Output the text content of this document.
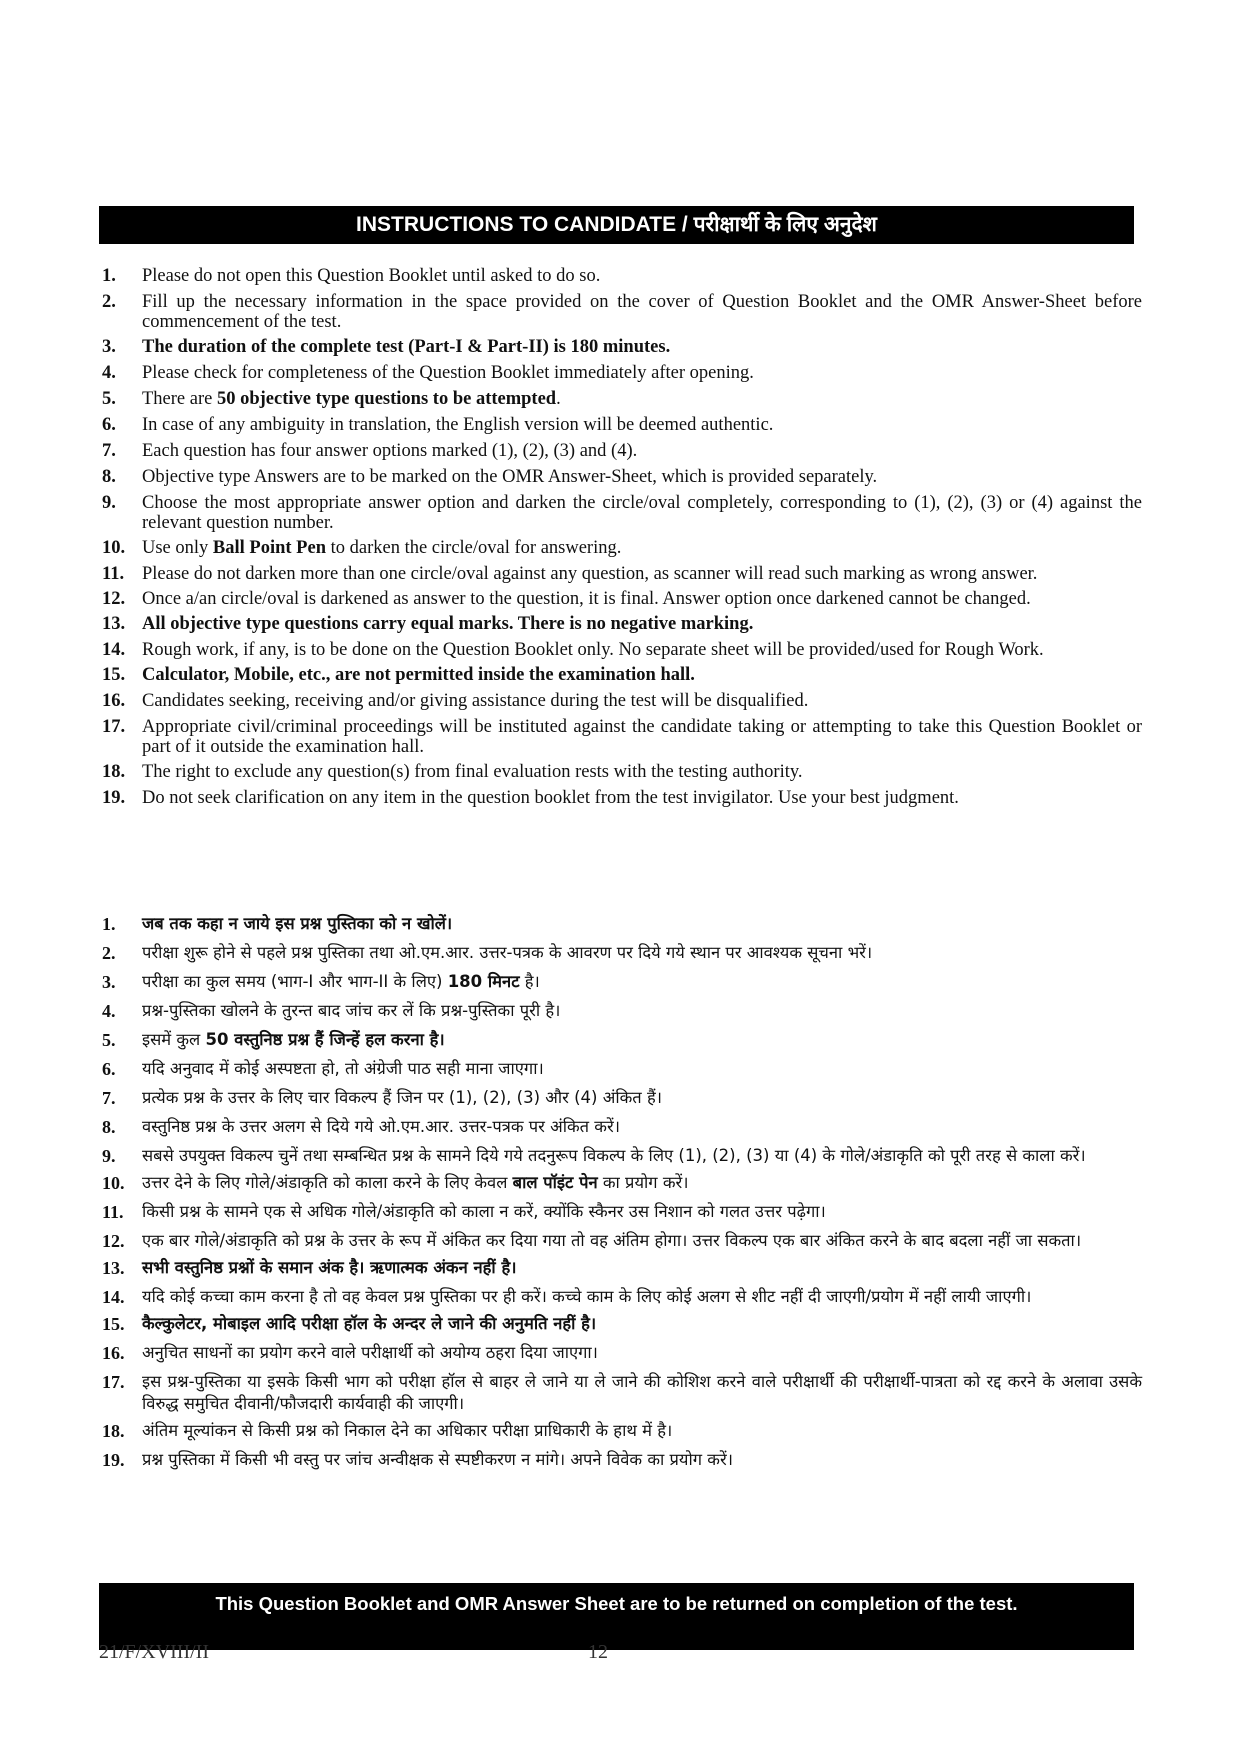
INSTRUCTIONS TO CANDIDATE / परीक्षार्थी के लिए अनुदेश
1.	Please do not open this Question Booklet until asked to do so.
2.	Fill up the necessary information in the space provided on the cover of Question Booklet and the OMR Answer-Sheet before commencement of the test.
3.	The duration of the complete test (Part-I & Part-II) is 180 minutes.
4.	Please check for completeness of the Question Booklet immediately after opening.
5.	There are 50 objective type questions to be attempted.
6.	In case of any ambiguity in translation, the English version will be deemed authentic.
7.	Each question has four answer options marked (1), (2), (3) and (4).
8.	Objective type Answers are to be marked on the OMR Answer-Sheet, which is provided separately.
9.	Choose the most appropriate answer option and darken the circle/oval completely, corresponding to (1), (2), (3) or (4) against the relevant question number.
10. Use only Ball Point Pen to darken the circle/oval for answering.
11. Please do not darken more than one circle/oval against any question, as scanner will read such marking as wrong answer.
12. Once a/an circle/oval is darkened as answer to the question, it is final. Answer option once darkened cannot be changed.
13. All objective type questions carry equal marks. There is no negative marking.
14. Rough work, if any, is to be done on the Question Booklet only. No separate sheet will be provided/used for Rough Work.
15. Calculator, Mobile, etc., are not permitted inside the examination hall.
16. Candidates seeking, receiving and/or giving assistance during the test will be disqualified.
17. Appropriate civil/criminal proceedings will be instituted against the candidate taking or attempting to take this Question Booklet or part of it outside the examination hall.
18. The right to exclude any question(s) from final evaluation rests with the testing authority.
19. Do not seek clarification on any item in the question booklet from the test invigilator. Use your best judgment.
1.	जब तक कहा न जाये इस प्रश्न पुस्तिका को न खोलें।
2.	परीक्षा शुरू होने से पहले प्रश्न पुस्तिका तथा ओ.एम.आर. उत्तर-पत्रक के आवरण पर दिये गये स्थान पर आवश्यक सूचना भरें।
3.	परीक्षा का कुल समय (भाग-I और भाग-II के लिए) 180 मिनट है।
4.	प्रश्न-पुस्तिका खोलने के तुरन्त बाद जांच कर लें कि प्रश्न-पुस्तिका पूरी है।
5.	इसमें कुल 50 वस्तुनिष्ठ प्रश्न हैं जिन्हें हल करना है।
6.	यदि अनुवाद में कोई अस्पष्टता हो, तो अंग्रेजी पाठ सही माना जाएगा।
7.	प्रत्येक प्रश्न के उत्तर के लिए चार विकल्प हैं जिन पर (1), (2), (3) और (4) अंकित हैं।
8.	वस्तुनिष्ठ प्रश्न के उत्तर अलग से दिये गये ओ.एम.आर. उत्तर-पत्रक पर अंकित करें।
9.	सबसे उपयुक्त विकल्प चुनें तथा सम्बन्धित प्रश्न के सामने दिये गये तदनुरूप विकल्प के लिए (1), (2), (3) या (4) के गोले/अंडाकृति को पूरी तरह से काला करें।
10.	उत्तर देने के लिए गोले/अंडाकृति को काला करने के लिए केवल बाल पॉइंट पेन का प्रयोग करें।
11.	किसी प्रश्न के सामने एक से अधिक गोले/अंडाकृति को काला न करें, क्योंकि स्कैनर उस निशान को गलत उत्तर पढ़ेगा।
12.	एक बार गोले/अंडाकृति को प्रश्न के उत्तर के रूप में अंकित कर दिया गया तो वह अंतिम होगा। उत्तर विकल्प एक बार अंकित करने के बाद बदला नहीं जा सकता।
13.	सभी वस्तुनिष्ठ प्रश्नों के समान अंक है। ऋणात्मक अंकन नहीं है।
14.	यदि कोई कच्चा काम करना है तो वह केवल प्रश्न पुस्तिका पर ही करें। कच्चे काम के लिए कोई अलग से शीट नहीं दी जाएगी/प्रयोग में नहीं लायी जाएगी।
15.	कैल्कुलेटर, मोबाइल आदि परीक्षा हॉल के अन्दर ले जाने की अनुमति नहीं है।
16.	अनुचित साधनों का प्रयोग करने वाले परीक्षार्थी को अयोग्य ठहरा दिया जाएगा।
17.	इस प्रश्न-पुस्तिका या इसके किसी भाग को परीक्षा हॉल से बाहर ले जाने या ले जाने की कोशिश करने वाले परीक्षार्थी की परीक्षार्थी-पात्रता को रद्द करने के अलावा उसके विरुद्ध समुचित दीवानी/फौजदारी कार्यवाही की जाएगी।
18.	अंतिम मूल्यांकन से किसी प्रश्न को निकाल देने का अधिकार परीक्षा प्राधिकारी के हाथ में है।
19.	प्रश्न पुस्तिका में किसी भी वस्तु पर जांच अन्वीक्षक से स्पष्टीकरण न मांगे। अपने विवेक का प्रयोग करें।
This Question Booklet and OMR Answer Sheet are to be returned on completion of the test.
21/F/XVIII/II	12
